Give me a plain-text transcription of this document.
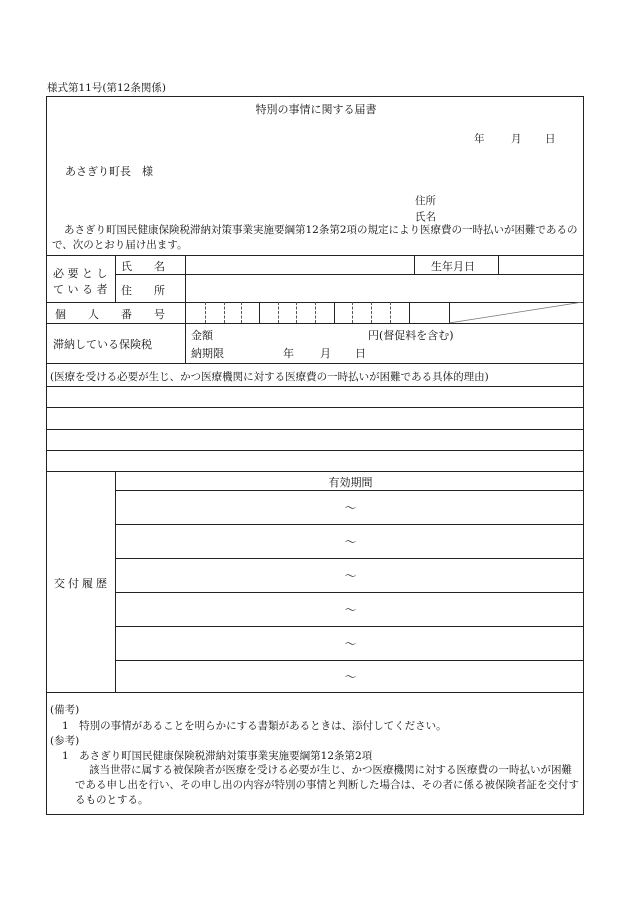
様式第11号(第12条関係)
特別の事情に関する届書
年	月 日
あさぎり町長　様
住所
氏名
あさぎり町国民健康保険税滞納対策事業実施要綱第12条第2項の規定により医療費の一時払いが困難であるので、次のとおり届け出ます。
必 要 と し
て い る 者
氏　　名	生年月日
住　　所
個　　人　　番　　号
滞納している保険税
金額	円(督促料を含む)
納期限	年 月 日
(医療を受ける必要が生じ、かつ医療機関に対する医療費の一時払いが困難である具体的理由)
交付履歴
有効期間
～
～
～
～
～
～
(備考)
1　特別の事情があることを明らかにする書類があるときは、添付してください。
(参考)
1　あさぎり町国民健康保険税滞納対策事業実施要綱第12条第2項
該当世帯に属する被保険者が医療を受ける必要が生じ、かつ医療機関に対する医療費の一時払いが困難である申し出を行い、その申し出の内容が特別の事情と判断した場合は、その者に係る被保険者証を交付するものとする。
